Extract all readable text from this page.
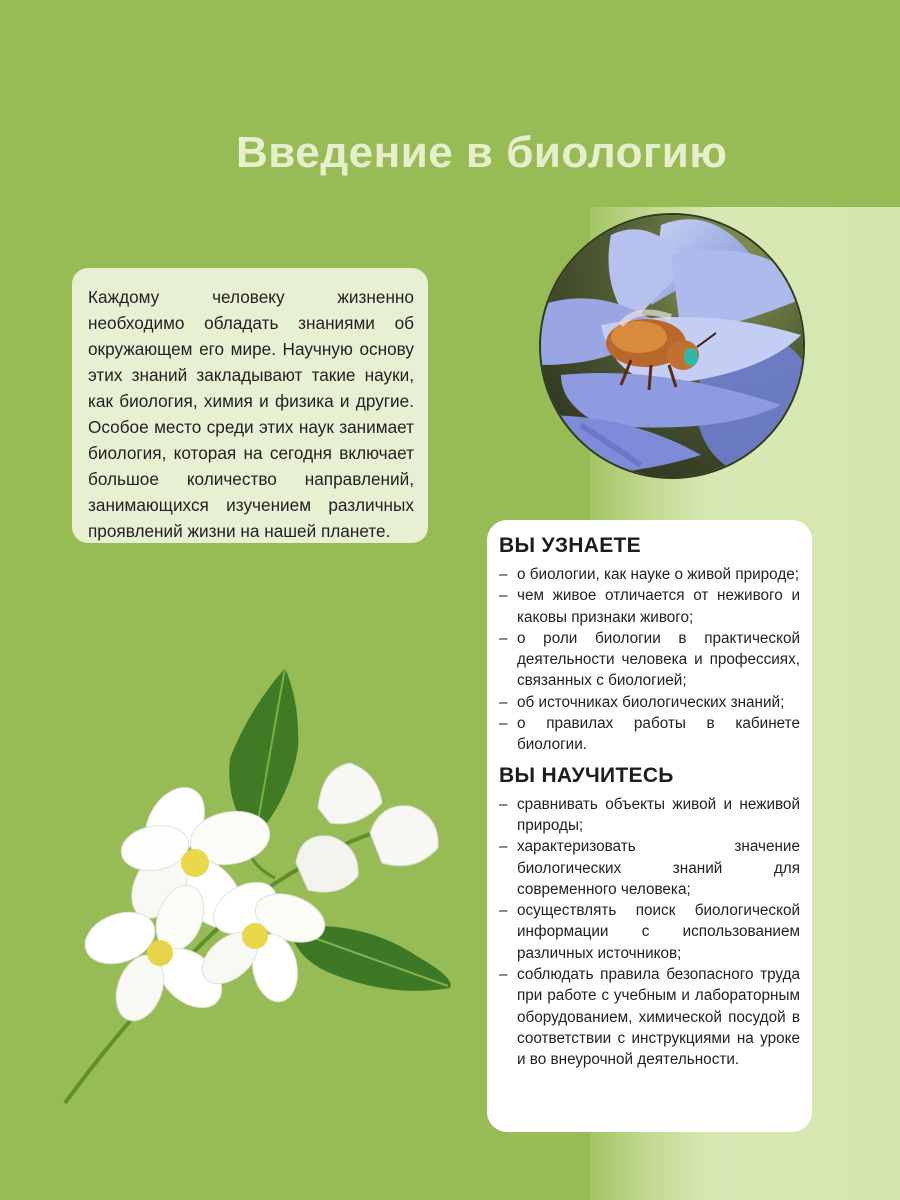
Введение в биологию

Каждому человеку жизненно необходимо обладать знаниями об окружающем его мире. Научную основу этих знаний закладывают такие науки, как биология, химия и физика и другие. Особое место среди этих наук занимает биология, которая на сегодня включает большое количество направлений, занимающихся изучением различных проявлений жизни на нашей планете.

ВЫ УЗНАЕТЕ
– о биологии, как науке о живой природе;
– чем живое отличается от неживого и каковы признаки живого;
– о роли биологии в практической деятельности человека и профессиях, связанных с биологией;
– об источниках биологических знаний;
– о правилах работы в кабинете биологии.
ВЫ НАУЧИТЕСЬ
– сравнивать объекты живой и неживой природы;
– характеризовать значение биологических знаний для современного человека;
– осуществлять поиск биологической информации с использованием различных источников;
– соблюдать правила безопасного труда при работе с учебным и лабораторным оборудованием, химической посудой в соответствии с инструкциями на уроке и во внеурочной деятельности.
